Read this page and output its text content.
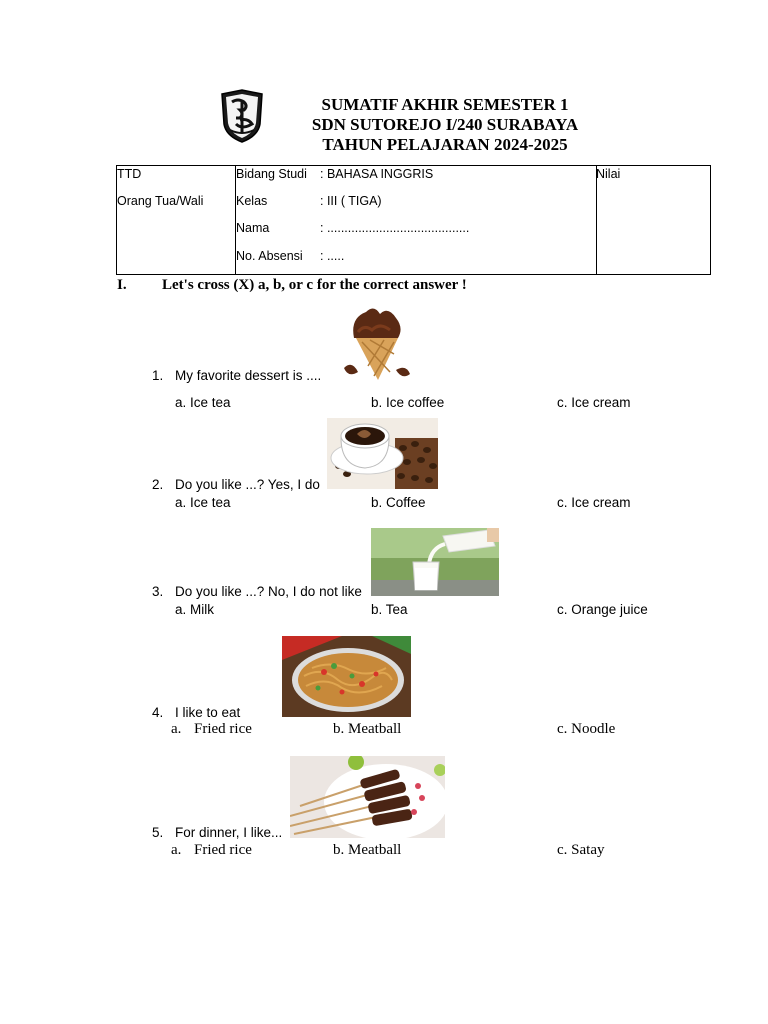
SUMATIF AKHIR SEMESTER 1
SDN SUTOREJO I/240 SURABAYA
TAHUN PELAJARAN 2024-2025
TTD
Orang Tua/Wali
Bidang Studi : BAHASA INGGRIS
Kelas	: III ( TIGA)
Nama	: .........................................
No. Absensi : .....
Nilai
I. Let's cross (X) a, b, or c for the correct answer !
1. My favorite dessert is ....
a. Ice tea	b. Ice coffee	c. Ice cream
2. Do you like ...? Yes, I do
a. Ice tea	b. Coffee	c. Ice cream
3. Do you like ...? No, I do not like
a. Milk	b. Tea	c. Orange juice
4. I like to eat
a. Fried rice	b. Meatball	c. Noodle
5. For dinner, I like...
a. Fried rice	b. Meatball	c. Satay
